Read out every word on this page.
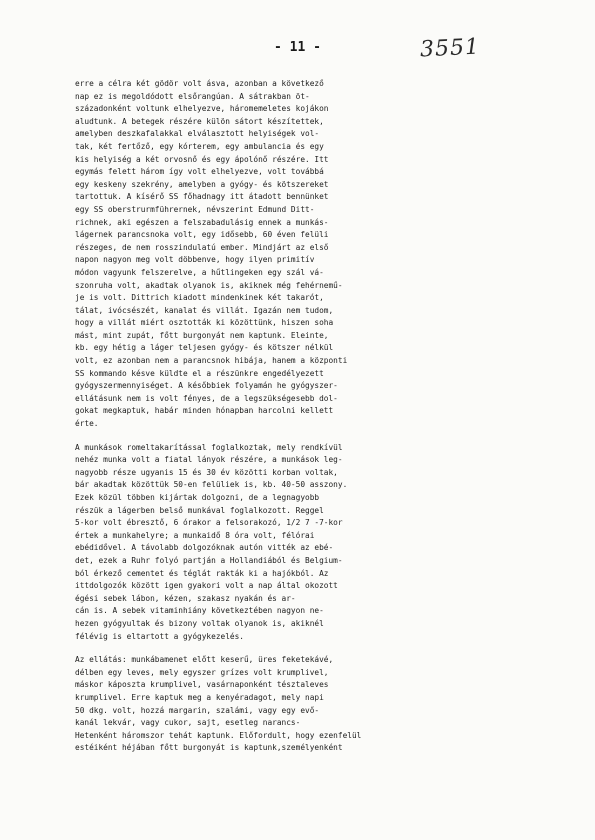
- 11 -	3551
erre a célra két gödör volt ásva, azonban a következő
nap ez is megoldódott elsőrangúan. A sátrakban öt-
századonként voltunk elhelyezve, háromemeletes kojákon
aludtunk. A betegek részére külön sátort készítettek,
amelyben deszkafalakkal elválasztott helyiségek vol-
tak, két fertőző, egy kórterem, egy ambulancia és egy
kis helyiség a két orvosnő és egy ápolónő részére. Itt
egymás felett három így volt elhelyezve, volt továbbá
egy keskeny szekrény, amelyben a gyógy- és kötszereket
tartottuk. A kísérő SS főhadnagy itt átadott bennünket
egy SS oberstrurmführernek, névszerint Edmund Ditt-
richnek, aki egészen a felszabadulásig ennek a munkás-
lágernek parancsnoka volt, egy idősebb, 60 éven felüli
részeges, de nem rosszindulatú ember. Mindjárt az első
napon nagyon meg volt döbbenve, hogy ilyen primitív
módon vagyunk felszerelve, a hűtlingeken egy szál vá-
szonruha volt, akadtak olyanok is, akiknek még fehérnemű-
je is volt. Dittrich kiadott mindenkinek két takarót,
tálat, ivócsészét, kanalat és villát. Igazán nem tudom,
hogy a villát miért osztották ki közöttünk, hiszen soha
mást, mint zupát, főtt burgonyát nem kaptunk. Eleinte,
kb. egy hétig a láger teljesen gyógy- és kötszer nélkül
volt, ez azonban nem a parancsnok hibája, hanem a központi
SS kommando késve küldte el a részünkre engedélyezett
gyógyszermennyiséget. A későbbiek folyamán he gyógyszer-
ellátásunk nem is volt fényes, de a legszükségesebb dol-
gokat megkaptuk, habár minden hónapban harcolni kellett
érte.
A munkások romeltakarítással foglalkoztak, mely rendkívül
nehéz munka volt a fiatal lányok részére, a munkások leg-
nagyobb része ugyanis 15 és 30 év közötti korban voltak,
bár akadtak közöttük 50-en felüliek is, kb. 40-50 asszony.
Ezek közül többen kijártak dolgozni, de a legnagyobb
részük a lágerben belső munkával foglalkozott. Reggel
5-kor volt ébresztő, 6 órakor a felsorakozó, 1/2 7 -7-kor
értek a munkahelyre; a munkaidő 8 óra volt, félórai
ebédidővel. A távolabb dolgozóknak autón vitték az ebé-
det, ezek a Ruhr folyó partján a Hollandiából és Belgium-
ból érkező cementet és téglát rakták ki a hajókból. Az
ittdolgozók között igen gyakori volt a nap által okozott
égési sebek lábon, kézen, szakasz nyakán és ar-
cán is. A sebek vitaminhiány következtében nagyon ne-
hezen gyógyultak és bizony voltak olyanok is, akiknél
félévig is eltartott a gyógykezelés.
Az ellátás: munkábamenet előtt keserű, üres feketekávé,
délben egy leves, mely egyszer grízes volt krumplivel,
máskor káposzta krumplivel, vasárnaponként tésztaleves
krumplivel. Erre kaptuk meg a kenyéradagot, mely napi
50 dkg. volt, hozzá margarin, szalámi, vagy egy evő-
kanál lekvár, vagy cukor, sajt, esetleg narancs-
Hetenként háromszor tehát kaptunk. Előfordult, hogy ezenfelül
estéiként héjában főtt burgonyát is kaptunk,személyenként
